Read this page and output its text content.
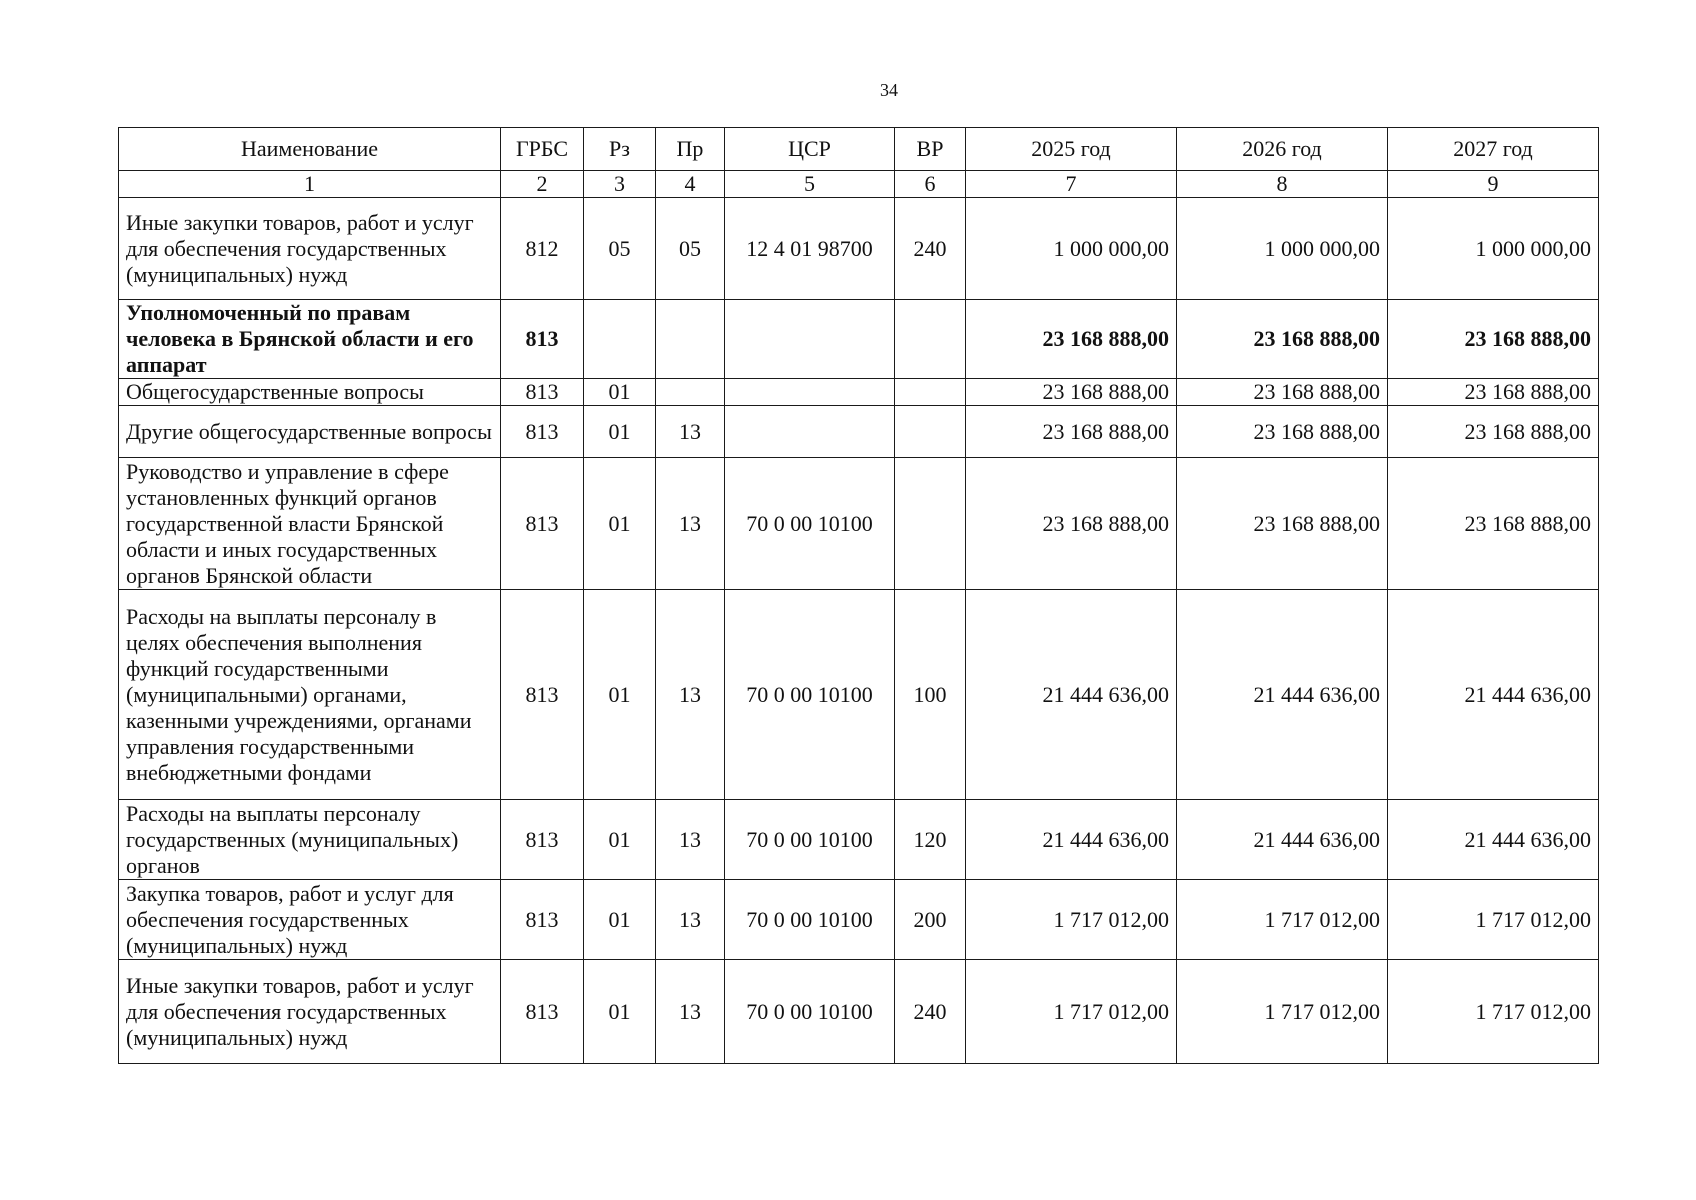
34
Наименование	ГРБС	Рз	Пр	ЦСР	ВР	2025 год	2026 год	2027 год
1	2	3	4	5	6	7	8	9
Иные закупки товаров, работ и услуг для обеспечения государственных (муниципальных) нужд	812	05	05	12 4 01 98700	240	1 000 000,00	1 000 000,00	1 000 000,00
Уполномоченный по правам человека в Брянской области и его аппарат	813					23 168 888,00	23 168 888,00	23 168 888,00
Общегосударственные вопросы	813	01				23 168 888,00	23 168 888,00	23 168 888,00
Другие общегосударственные вопросы	813	01	13			23 168 888,00	23 168 888,00	23 168 888,00
Руководство и управление в сфере установленных функций органов государственной власти Брянской области и иных государственных органов Брянской области	813	01	13	70 0 00 10100		23 168 888,00	23 168 888,00	23 168 888,00
Расходы на выплаты персоналу в целях обеспечения выполнения функций государственными (муниципальными) органами, казенными учреждениями, органами управления государственными внебюджетными фондами	813	01	13	70 0 00 10100	100	21 444 636,00	21 444 636,00	21 444 636,00
Расходы на выплаты персоналу государственных (муниципальных) органов	813	01	13	70 0 00 10100	120	21 444 636,00	21 444 636,00	21 444 636,00
Закупка товаров, работ и услуг для обеспечения государственных (муниципальных) нужд	813	01	13	70 0 00 10100	200	1 717 012,00	1 717 012,00	1 717 012,00
Иные закупки товаров, работ и услуг для обеспечения государственных (муниципальных) нужд	813	01	13	70 0 00 10100	240	1 717 012,00	1 717 012,00	1 717 012,00
